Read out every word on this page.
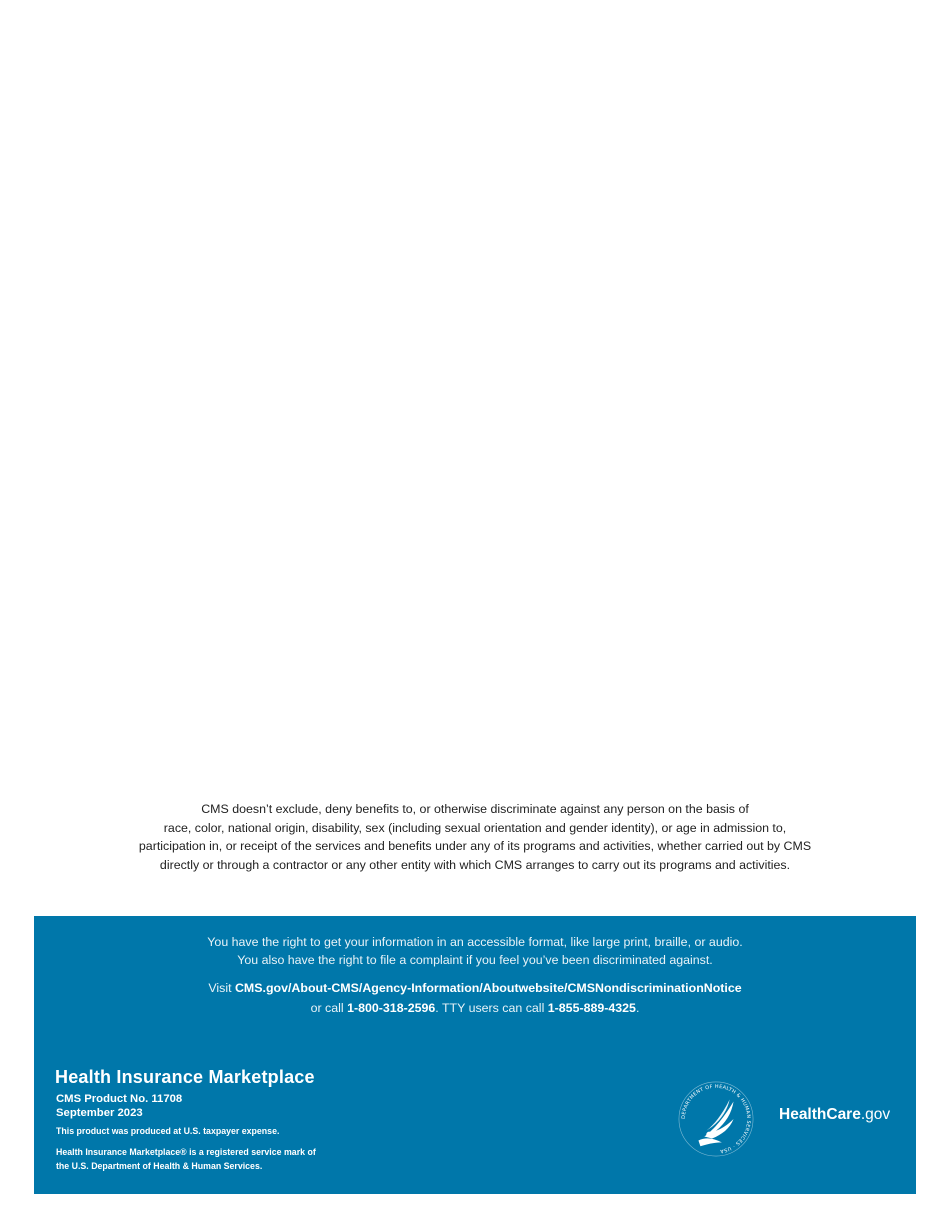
CMS doesn’t exclude, deny benefits to, or otherwise discriminate against any person on the basis of
race, color, national origin, disability, sex (including sexual orientation and gender identity), or age in admission to,
participation in, or receipt of the services and benefits under any of its programs and activities, whether carried out by CMS
directly or through a contractor or any other entity with which CMS arranges to carry out its programs and activities.
You have the right to get your information in an accessible format, like large print, braille, or audio.
You also have the right to file a complaint if you feel you’ve been discriminated against.
Visit CMS.gov/About-CMS/Agency-Information/Aboutwebsite/CMSNondiscriminationNotice
or call 1-800-318-2596. TTY users can call 1-855-889-4325.
Health Insurance Marketplace
CMS Product No. 11708
September 2023
This product was produced at U.S. taxpayer expense.
Health Insurance Marketplace® is a registered service mark of
the U.S. Department of Health & Human Services.
DEPARTMENT OF HEALTH & HUMAN SERVICES · USA
HealthCare.gov
